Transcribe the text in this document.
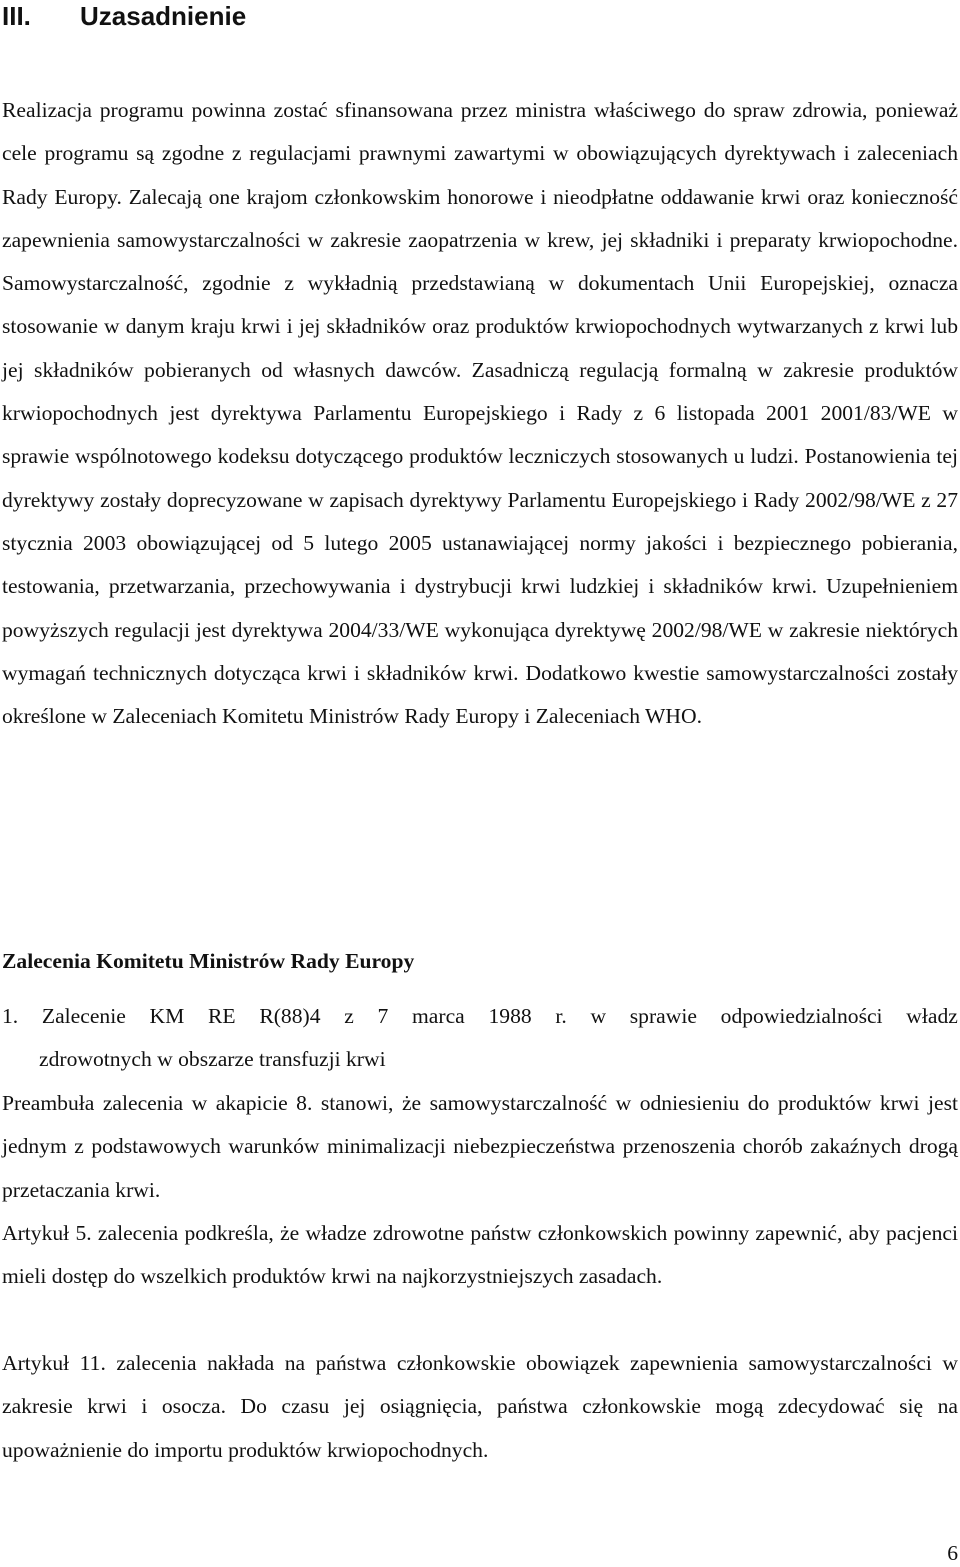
III. Uzasadnienie

Realizacja programu powinna zostać sfinansowana przez ministra właściwego do spraw zdrowia, ponieważ cele programu są zgodne z regulacjami prawnymi zawartymi w obowiązujących dyrektywach i zaleceniach Rady Europy. Zalecają one krajom członkowskim honorowe i nieodpłatne oddawanie krwi oraz konieczność zapewnienia samowystarczalności w zakresie zaopatrzenia w krew, jej składniki i preparaty krwiopochodne. Samowystarczalność, zgodnie z wykładnią przedstawianą w dokumentach Unii Europejskiej, oznacza stosowanie w danym kraju krwi i jej składników oraz produktów krwiopochodnych wytwarzanych z krwi lub jej składników pobieranych od własnych dawców. Zasadniczą regulacją formalną w zakresie produktów krwiopochodnych jest dyrektywa Parlamentu Europejskiego i Rady z 6 listopada 2001 2001/83/WE w sprawie wspólnotowego kodeksu dotyczącego produktów leczniczych stosowanych u ludzi. Postanowienia tej dyrektywy zostały doprecyzowane w zapisach dyrektywy Parlamentu Europejskiego i Rady 2002/98/WE z 27 stycznia 2003 obowiązującej od 5 lutego 2005 ustanawiającej normy jakości i bezpiecznego pobierania, testowania, przetwarzania, przechowywania i dystrybucji krwi ludzkiej i składników krwi. Uzupełnieniem powyższych regulacji jest dyrektywa 2004/33/WE wykonująca dyrektywę 2002/98/WE w zakresie niektórych wymagań technicznych dotycząca krwi i składników krwi. Dodatkowo kwestie samowystarczalności zostały określone w Zaleceniach Komitetu Ministrów Rady Europy i Zaleceniach WHO.

Zalecenia Komitetu Ministrów Rady Europy
1. Zalecenie KM RE R(88)4 z 7 marca 1988 r. w sprawie odpowiedzialności władz
zdrowotnych w obszarze transfuzji krwi

Preambuła zalecenia w akapicie 8. stanowi, że samowystarczalność w odniesieniu do produktów krwi jest jednym z podstawowych warunków minimalizacji niebezpieczeństwa przenoszenia chorób zakaźnych drogą przetaczania krwi.

Artykuł 5. zalecenia podkreśla, że władze zdrowotne państw członkowskich powinny zapewnić, aby pacjenci mieli dostęp do wszelkich produktów krwi na najkorzystniejszych zasadach.

Artykuł 11. zalecenia nakłada na państwa członkowskie obowiązek zapewnienia samowystarczalności w zakresie krwi i osocza. Do czasu jej osiągnięcia, państwa członkowskie mogą zdecydować się na upoważnienie do importu produktów krwiopochodnych.

6
